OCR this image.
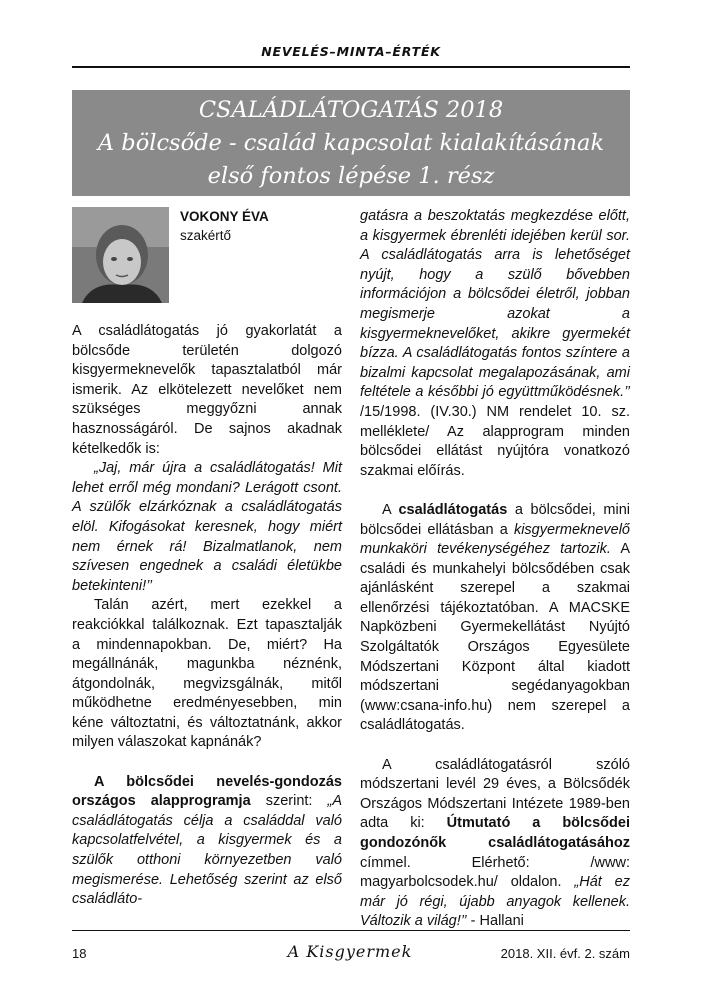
NEVELÉS–MINTA–ÉRTÉK
CSALÁDLÁTOGATÁS 2018
A bölcsőde - család kapcsolat kialakításának
első fontos lépése 1. rész
VOKONY ÉVA
szakértő

A családlátogatás jó gyakorlatát a bölcsőde területén dolgozó kisgyermeknevelők tapasztalatból már ismerik. Az elkötelezett nevelőket nem szükséges meggyőzni annak hasznosságáról. De sajnos akadnak kételkedők is:

„Jaj, már újra a családlátogatás! Mit lehet erről még mondani? Lerágott csont. A szülők elzárkóznak a családlátogatás elöl. Kifogásokat keresnek, hogy miért nem érnek rá! Bizalmatlanok, nem szívesen engednek a családi életükbe betekinteni!’’

Talán azért, mert ezekkel a reakciókkal találkoznak. Ezt tapasztalják a mindennapokban. De, miért? Ha megállnánák, magunkba néznénk, átgondolnák, megvizsgálnák, mitől működhetne eredményesebben, min kéne változtatni, és változtatnánk, akkor milyen válaszokat kapnánák?

A bölcsődei nevelés-gondozás országos alapprogramja szerint: „A családlátogatás célja a családdal való kapcsolatfelvétel, a kisgyermek és a szülők otthoni környezetben való megismerése. Lehetőség szerint az első családláto-

gatásra a beszoktatás megkezdése előtt, a kisgyermek ébrenléti idejében kerül sor. A családlátogatás arra is lehetőséget nyújt, hogy a szülő bővebben információjon a bölcsődei életről, jobban megismerje azokat a kisgyermeknevelőket, akikre gyermekét bízza. A családlátogatás fontos színtere a bizalmi kapcsolat megalapozásának, ami feltétele a későbbi jó együttműködésnek.’’ /15/1998. (IV.30.) NM rendelet 10. sz. melléklete/ Az alapprogram minden bölcsődei ellátást nyújtóra vonatkozó szakmai előírás.

A családlátogatás a bölcsődei, mini bölcsődei ellátásban a kisgyermeknevelő munkaköri tevékenységéhez tartozik. A családi és munkahelyi bölcsődében csak ajánlásként szerepel a szakmai ellenőrzési tájékoztatóban. A MACSKE Napközbeni Gyermekellátást Nyújtó Szolgáltatók Országos Egyesülete Módszertani Központ által kiadott módszertani segédanyagokban (www:csana-info.hu) nem szerepel a családlátogatás.

A családlátogatásról szóló módszertani levél 29 éves, a Bölcsődék Országos Módszertani Intézete 1989-ben adta ki: Útmutató a bölcsődei gondozónők családlátogatásához címmel. Elérhető: /www: magyarbolcsodek.hu/ oldalon. „Hát ez már jó régi, újabb anyagok kellenek. Változik a világ!’’ - Hallani

18	A Kisgyermek	2018. XII. évf. 2. szám
